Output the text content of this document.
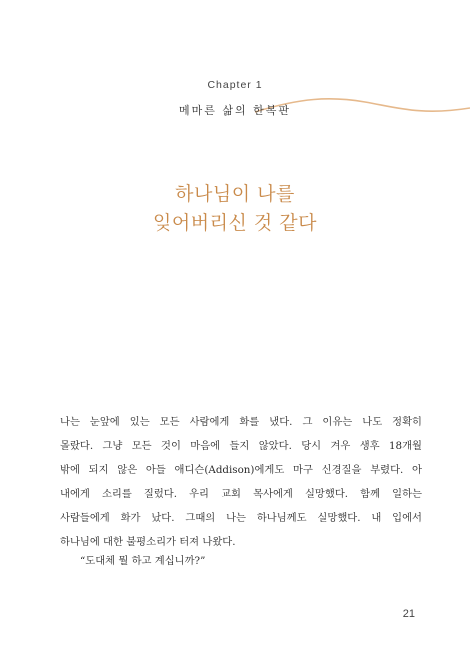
Chapter 1
메마른 삶의 한복판
하나님이 나를
잊어버리신 것 같다
나는 눈앞에 있는 모든 사람에게 화를 냈다. 그 이유는 나도 정확히
몰랐다. 그냥 모든 것이 마음에 들지 않았다. 당시 겨우 생후 18개월
밖에 되지 않은 아들 애디슨(Addison)에게도 마구 신경질을 부렸다. 아
내에게 소리를 질렀다. 우리 교회 목사에게 실망했다. 함께 일하는
사람들에게 화가 났다. 그때의 나는 하나님께도 실망했다. 내 입에서
하나님에 대한 불평소리가 터져 나왔다.
“도대체 뭘 하고 계십니까?”
21
